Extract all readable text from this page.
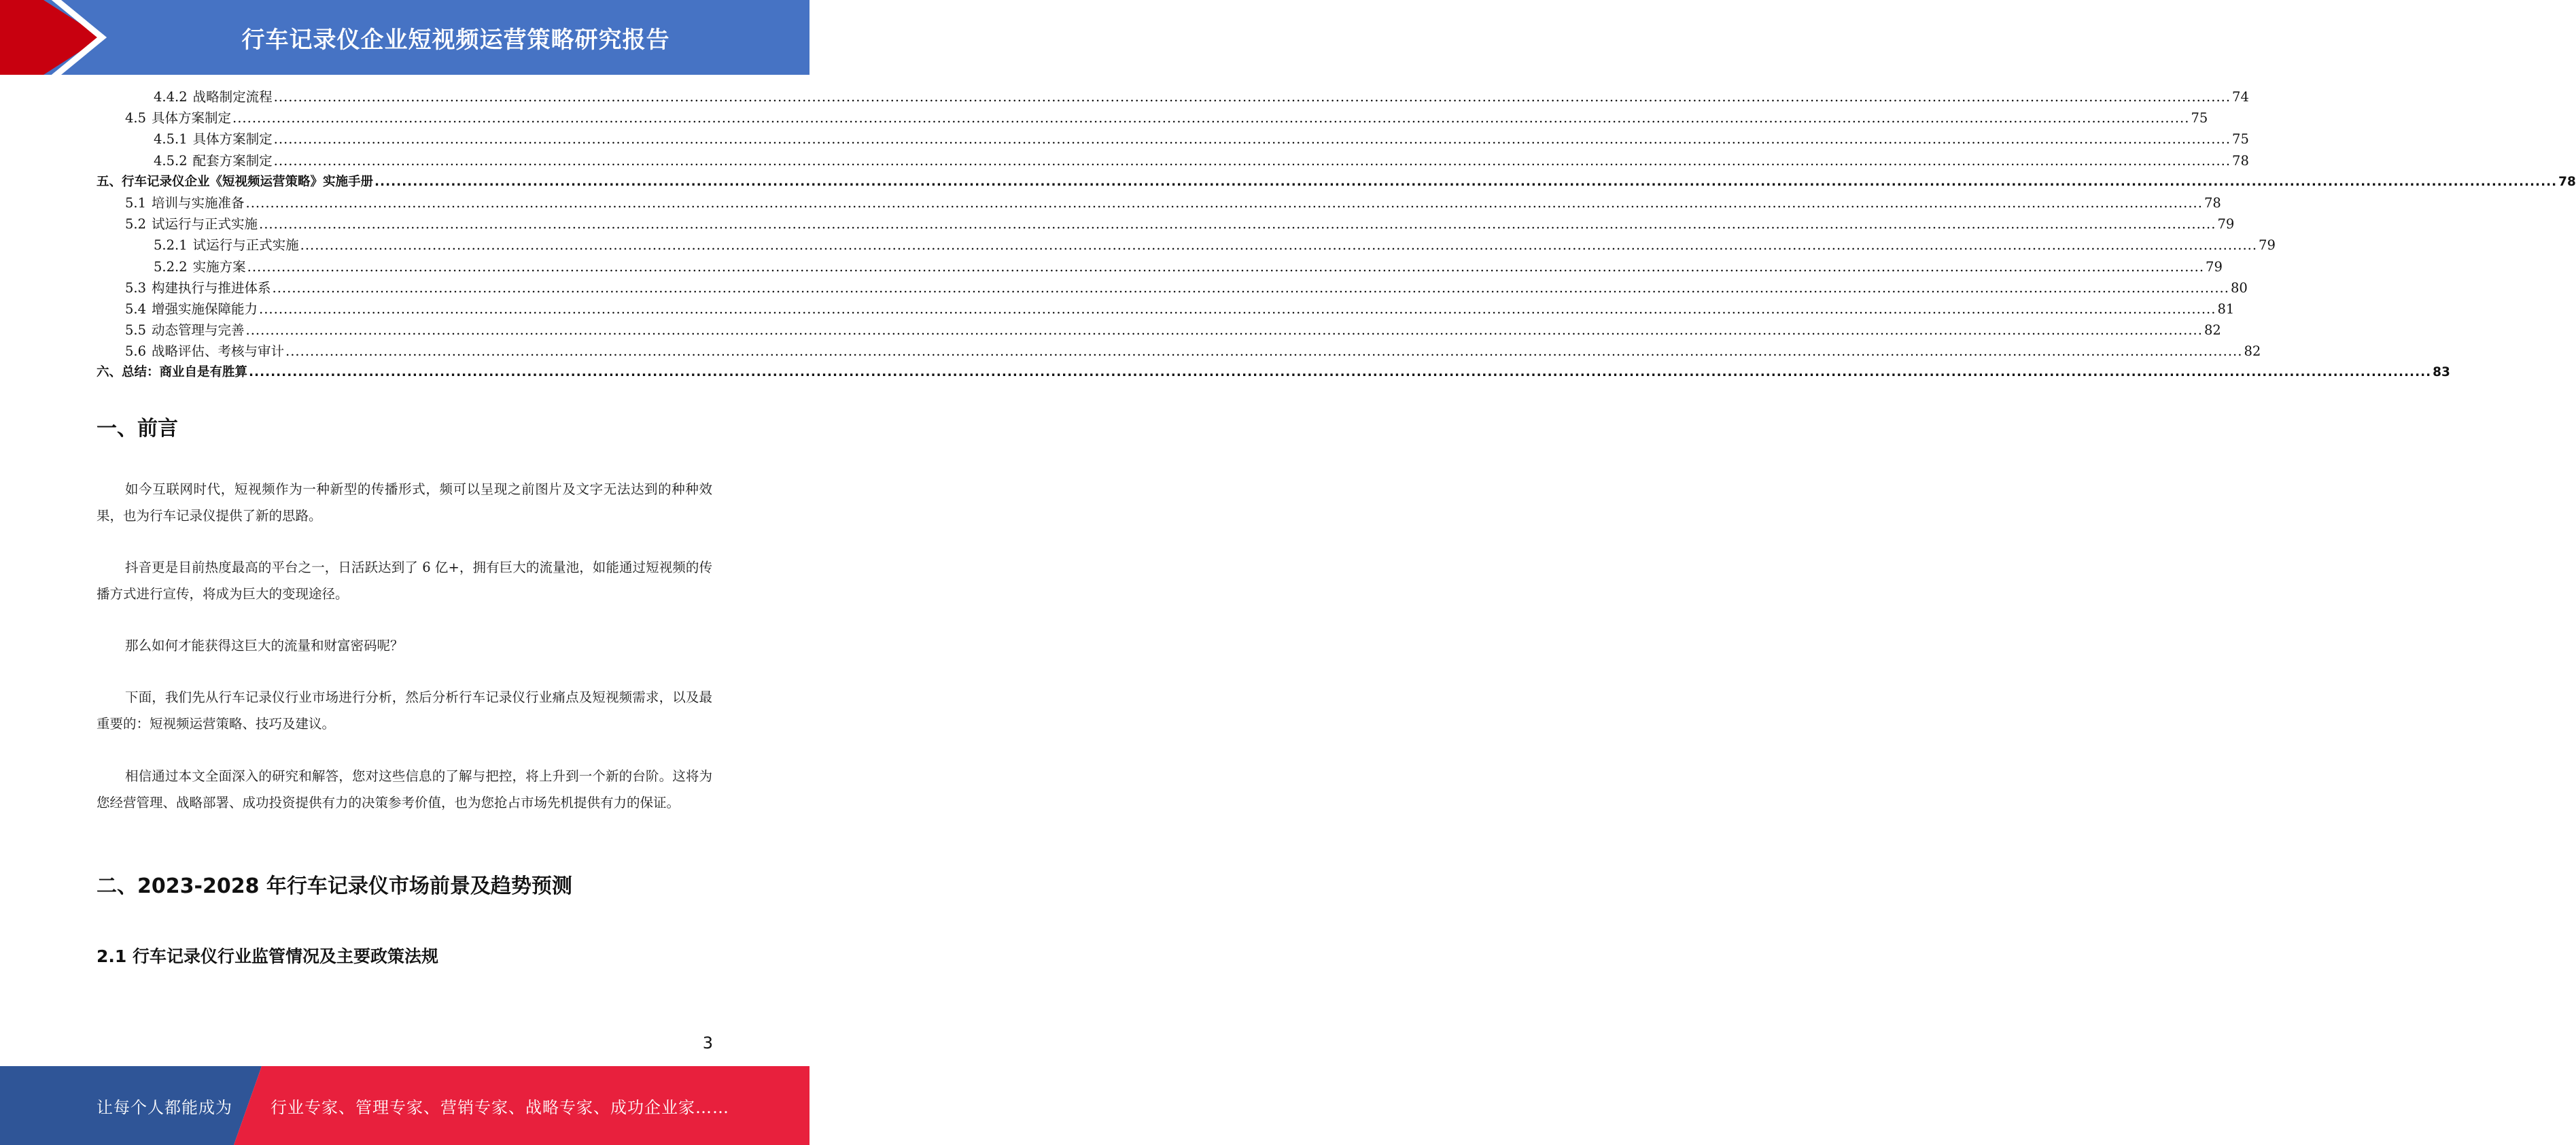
行车记录仪企业短视频运营策略研究报告
4.4.2 战略制定流程 ................................................................................................................................................................................................................................................................................................................................................................................................................ 74
4.5 具体方案制定 ................................................................................................................................................................................................................................................................................................................................................................................................................ 75
4.5.1 具体方案制定 ................................................................................................................................................................................................................................................................................................................................................................................................................ 75
4.5.2 配套方案制定 ................................................................................................................................................................................................................................................................................................................................................................................................................ 78
五、行车记录仪企业《短视频运营策略》实施手册 ................................................................................................................................................................................................................................................................................................................................................................................................................ 78
5.1 培训与实施准备 ................................................................................................................................................................................................................................................................................................................................................................................................................ 78
5.2 试运行与正式实施 ................................................................................................................................................................................................................................................................................................................................................................................................................ 79
5.2.1 试运行与正式实施 ................................................................................................................................................................................................................................................................................................................................................................................................................ 79
5.2.2 实施方案 ................................................................................................................................................................................................................................................................................................................................................................................................................ 79
5.3 构建执行与推进体系 ................................................................................................................................................................................................................................................................................................................................................................................................................ 80
5.4 增强实施保障能力 ................................................................................................................................................................................................................................................................................................................................................................................................................ 81
5.5 动态管理与完善 ................................................................................................................................................................................................................................................................................................................................................................................................................ 82
5.6 战略评估、考核与审计 ................................................................................................................................................................................................................................................................................................................................................................................................................ 82
六、总结：商业自是有胜算 ................................................................................................................................................................................................................................................................................................................................................................................................................ 83
一、前言
如今互联网时代，短视频作为一种新型的传播形式，频可以呈现之前图片及文字无法达到的种种效果，也为行车记录仪提供了新的思路。
抖音更是目前热度最高的平台之一，日活跃达到了 6 亿+，拥有巨大的流量池，如能通过短视频的传播方式进行宣传，将成为巨大的变现途径。
那么如何才能获得这巨大的流量和财富密码呢？
下面，我们先从行车记录仪行业市场进行分析，然后分析行车记录仪行业痛点及短视频需求，以及最重要的：短视频运营策略、技巧及建议。
相信通过本文全面深入的研究和解答，您对这些信息的了解与把控，将上升到一个新的台阶。这将为您经营管理、战略部署、成功投资提供有力的决策参考价值，也为您抢占市场先机提供有力的保证。
二、2023-2028 年行车记录仪市场前景及趋势预测
2.1 行车记录仪行业监管情况及主要政策法规
3
让每个人都能成为 行业专家、管理专家、营销专家、战略专家、成功企业家……
